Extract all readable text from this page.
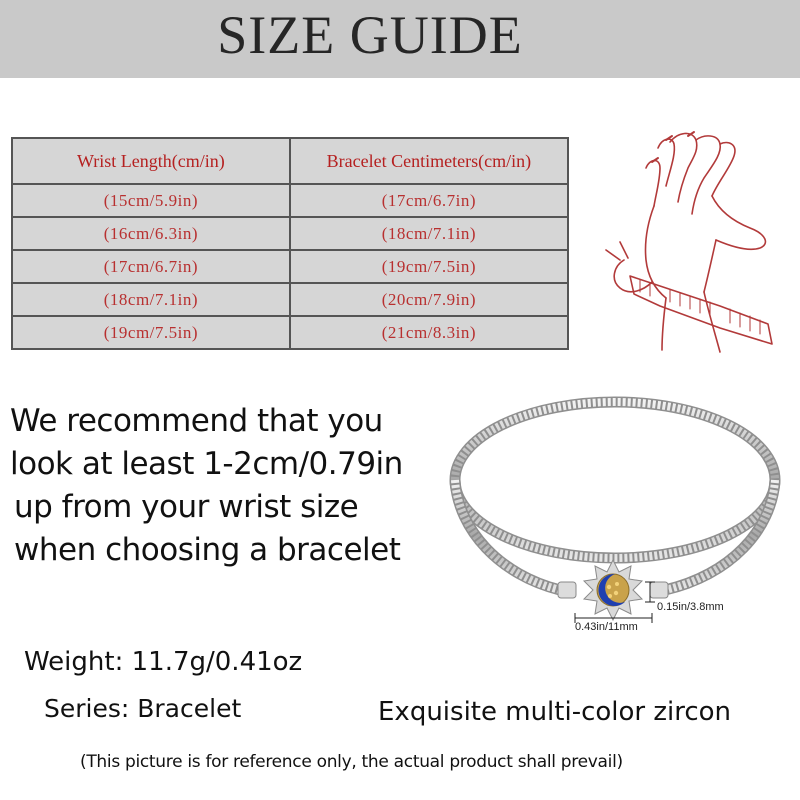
SIZE GUIDE
Wrist Length(cm/in)	Bracelet Centimeters(cm/in)
(15cm/5.9in)	(17cm/6.7in)
(16cm/6.3in)	(18cm/7.1in)
(17cm/6.7in)	(19cm/7.5in)
(18cm/7.1in)	(20cm/7.9in)
(19cm/7.5in)	(21cm/8.3in)
We recommend that you
look at least 1-2cm/0.79in
up from your wrist size
when choosing a bracelet
0.43in/11mm
0.15in/3.8mm
Weight: 11.7g/0.41oz
Series: Bracelet	Exquisite multi-color zircon
(This picture is for reference only, the actual product shall prevail)
